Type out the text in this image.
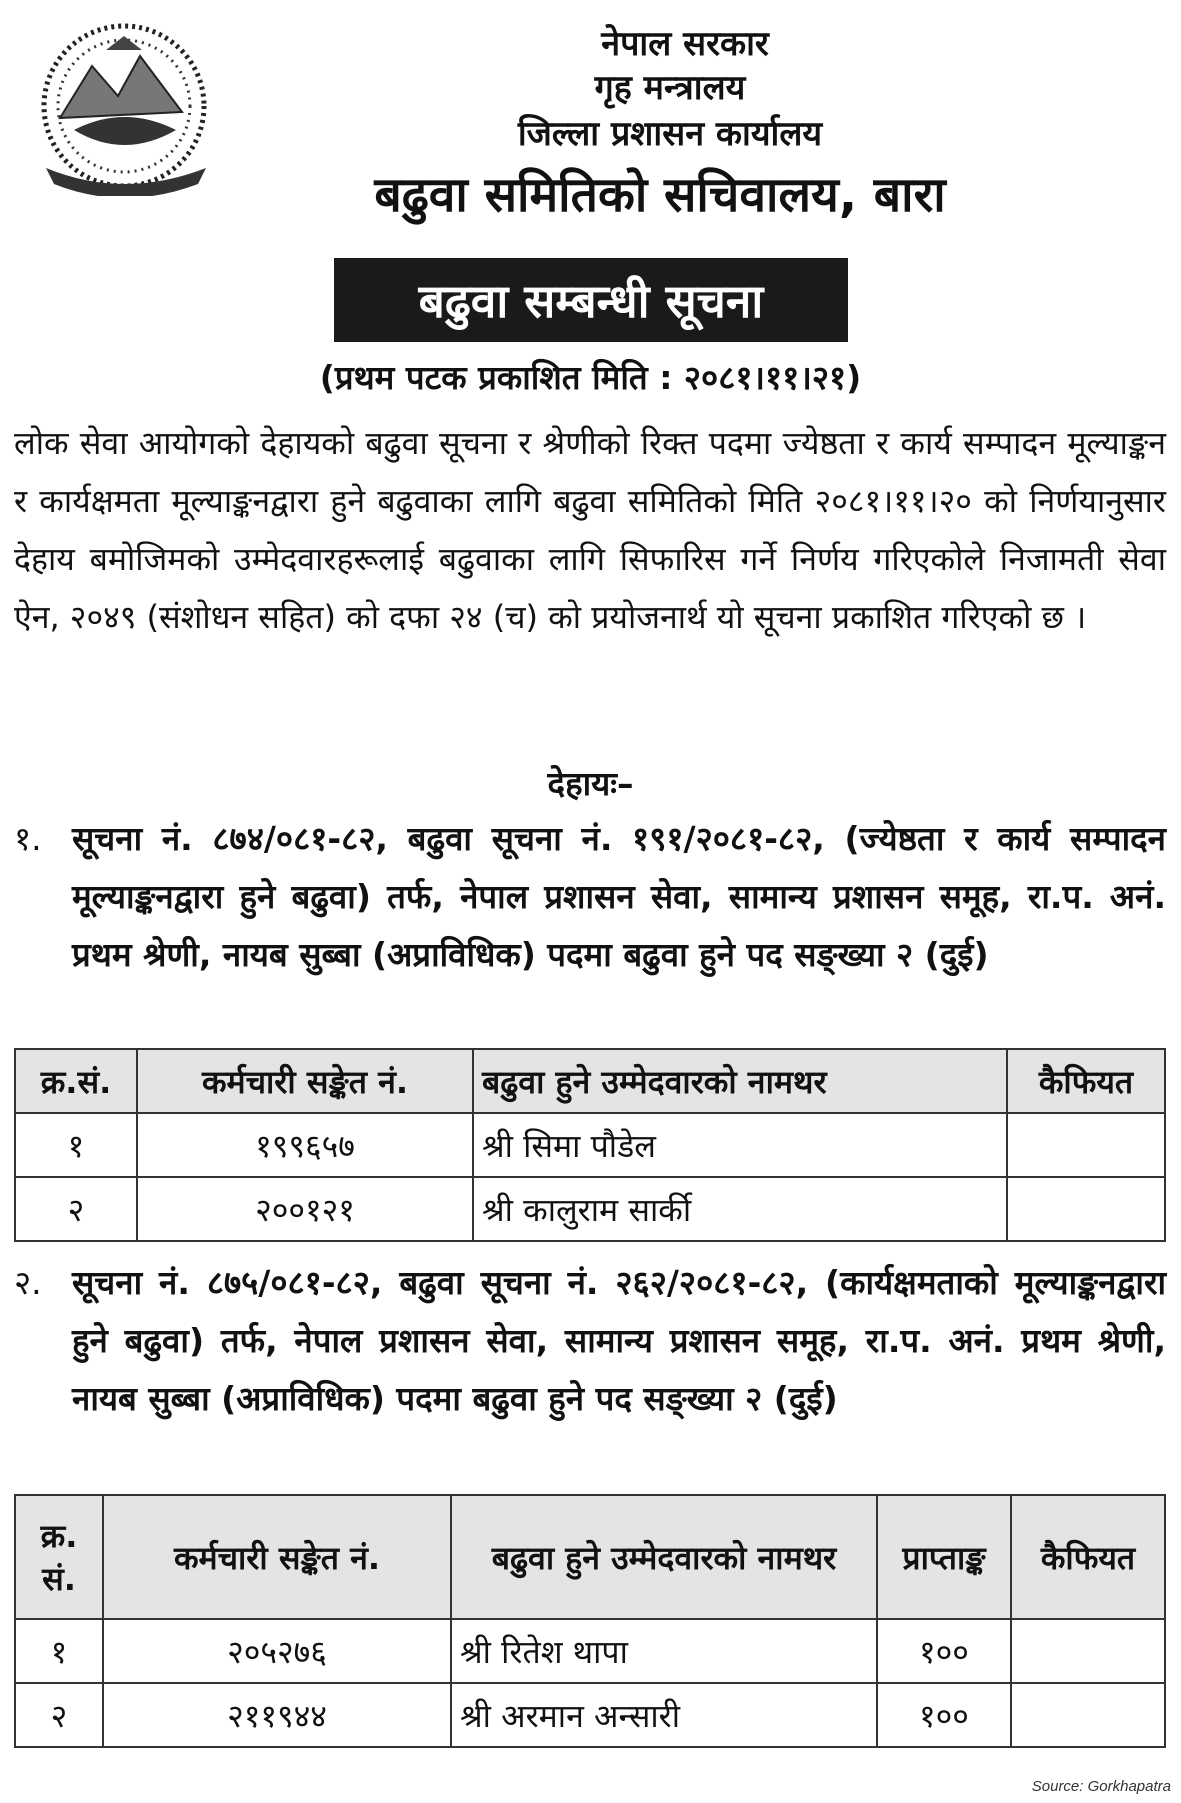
नेपाल सरकार
गृह मन्त्रालय
जिल्ला प्रशासन कार्यालय
बढुवा समितिको सचिवालय, बारा
बढुवा सम्बन्धी सूचना
(प्रथम पटक प्रकाशित मिति : २०८१।११।२१)
लोक सेवा आयोगको देहायको बढुवा सूचना र श्रेणीको रिक्त पदमा ज्येष्ठता र कार्य सम्पादन मूल्याङ्कन र कार्यक्षमता मूल्याङ्कनद्वारा हुने बढुवाका लागि बढुवा समितिको मिति २०८१।११।२० को निर्णयानुसार देहाय बमोजिमको उम्मेदवारहरूलाई बढुवाका लागि सिफारिस गर्ने निर्णय गरिएकोले निजामती सेवा ऐन, २०४९ (संशोधन सहित) को दफा २४ (च) को प्रयोजनार्थ यो सूचना प्रकाशित गरिएको छ ।
देहायः–
१. सूचना नं. ८७४/०८१-८२, बढुवा सूचना नं. १९१/२०८१-८२, (ज्येष्ठता र कार्य सम्पादन मूल्याङ्कनद्वारा हुने बढुवा) तर्फ, नेपाल प्रशासन सेवा, सामान्य प्रशासन समूह, रा.प. अनं. प्रथम श्रेणी, नायब सुब्बा (अप्राविधिक) पदमा बढुवा हुने पद सङ्ख्या २ (दुई)
क्र.सं.	कर्मचारी सङ्केत नं.	बढुवा हुने उम्मेदवारको नामथर	कैफियत
१	१९९६५७	श्री सिमा पौडेल	
२	२००१२१	श्री कालुराम सार्की	
२. सूचना नं. ८७५/०८१-८२, बढुवा सूचना नं. २६२/२०८१-८२, (कार्यक्षमताको मूल्याङ्कनद्वारा हुने बढुवा) तर्फ, नेपाल प्रशासन सेवा, सामान्य प्रशासन समूह, रा.प. अनं. प्रथम श्रेणी, नायब सुब्बा (अप्राविधिक) पदमा बढुवा हुने पद सङ्ख्या २ (दुई)
क्र. सं.	कर्मचारी सङ्केत नं.	बढुवा हुने उम्मेदवारको नामथर	प्राप्ताङ्क	कैफियत
१	२०५२७६	श्री रितेश थापा	१००	
२	२११९४४	श्री अरमान अन्सारी	१००	
Source: Gorkhapatra
